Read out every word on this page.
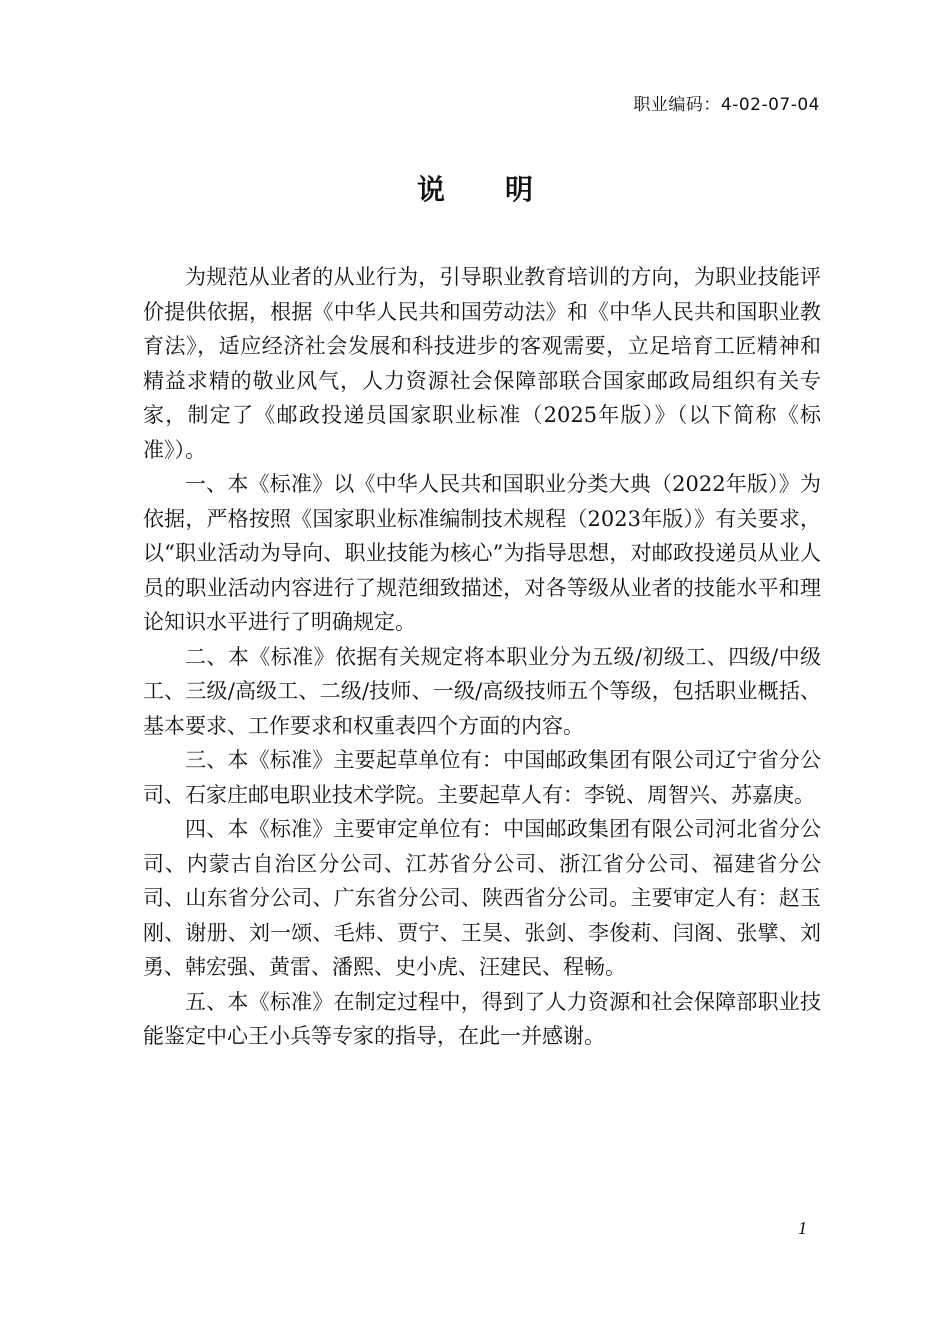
职业编码：4-02-07-04
说明

为规范从业者的从业行为，引导职业教育培训的方向，为职业技能评价提供依据，根据《中华人民共和国劳动法》和《中华人民共和国职业教育法》，适应经济社会发展和科技进步的客观需要，立足培育工匠精神和精益求精的敬业风气，人力资源社会保障部联合国家邮政局组织有关专家，制定了《邮政投递员国家职业标准（2025年版）》（以下简称《标准》）。

一、本《标准》以《中华人民共和国职业分类大典（2022年版）》为依据，严格按照《国家职业标准编制技术规程（2023年版）》有关要求，以“职业活动为导向、职业技能为核心”为指导思想，对邮政投递员从业人员的职业活动内容进行了规范细致描述，对各等级从业者的技能水平和理论知识水平进行了明确规定。

二、本《标准》依据有关规定将本职业分为五级/初级工、四级/中级工、三级/高级工、二级/技师、一级/高级技师五个等级，包括职业概括、基本要求、工作要求和权重表四个方面的内容。

三、本《标准》主要起草单位有：中国邮政集团有限公司辽宁省分公司、石家庄邮电职业技术学院。主要起草人有：李锐、周智兴、苏嘉庚。

四、本《标准》主要审定单位有：中国邮政集团有限公司河北省分公司、内蒙古自治区分公司、江苏省分公司、浙江省分公司、福建省分公司、山东省分公司、广东省分公司、陕西省分公司。主要审定人有：赵玉刚、谢册、刘一颂、毛炜、贾宁、王昊、张剑、李俊莉、闫阁、张擘、刘勇、韩宏强、黄雷、潘熙、史小虎、汪建民、程畅。

五、本《标准》在制定过程中，得到了人力资源和社会保障部职业技能鉴定中心王小兵等专家的指导，在此一并感谢。

1
